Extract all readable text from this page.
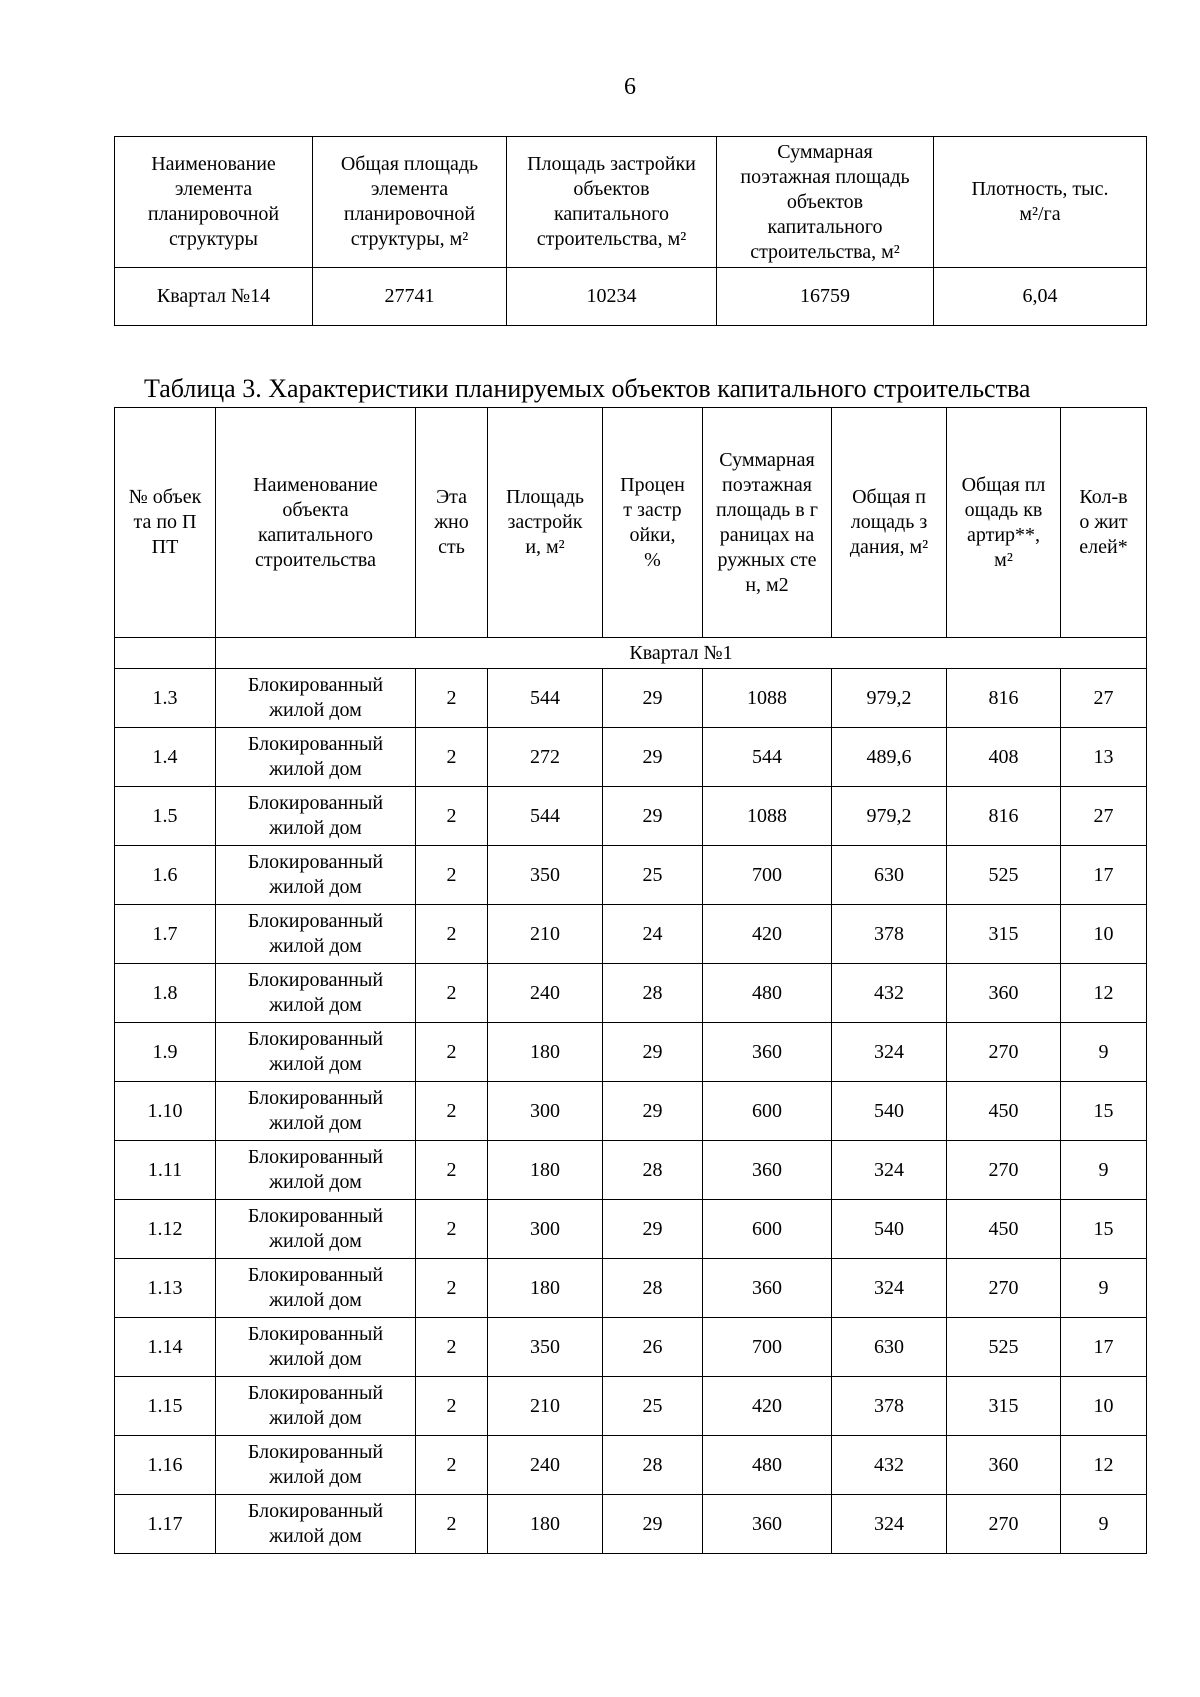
6
Наименование элемента планировочной структуры	Общая площадь элемента планировочной структуры, м²	Площадь застройки объектов капитального строительства, м²	Суммарная поэтажная площадь объектов капитального строительства, м²	Плотность, тыс. м²/га
Квартал №14	27741	10234	16759	6,04
Таблица 3. Характеристики планируемых объектов капитального строительства
№ объекта по ППТ	Наименование объекта капитального строительства	Этажность	Площадь застройки, м²	Процент застройки, %	Суммарная поэтажная площадь в границах наружных стен, м2	Общая площадь здания, м²	Общая площадь квартир**, м²	Кол-во жителей*

	Квартал №1							
1.3	Блокированный жилой дом	2	544	29	1088	979,2	816	27
1.4	Блокированный жилой дом	2	272	29	544	489,6	408	13
1.5	Блокированный жилой дом	2	544	29	1088	979,2	816	27
1.6	Блокированный жилой дом	2	350	25	700	630	525	17
1.7	Блокированный жилой дом	2	210	24	420	378	315	10
1.8	Блокированный жилой дом	2	240	28	480	432	360	12
1.9	Блокированный жилой дом	2	180	29	360	324	270	9
1.10	Блокированный жилой дом	2	300	29	600	540	450	15
1.11	Блокированный жилой дом	2	180	28	360	324	270	9
1.12	Блокированный жилой дом	2	300	29	600	540	450	15
1.13	Блокированный жилой дом	2	180	28	360	324	270	9
1.14	Блокированный жилой дом	2	350	26	700	630	525	17
1.15	Блокированный жилой дом	2	210	25	420	378	315	10
1.16	Блокированный жилой дом	2	240	28	480	432	360	12
1.17	Блокированный жилой дом	2	180	29	360	324	270	9
